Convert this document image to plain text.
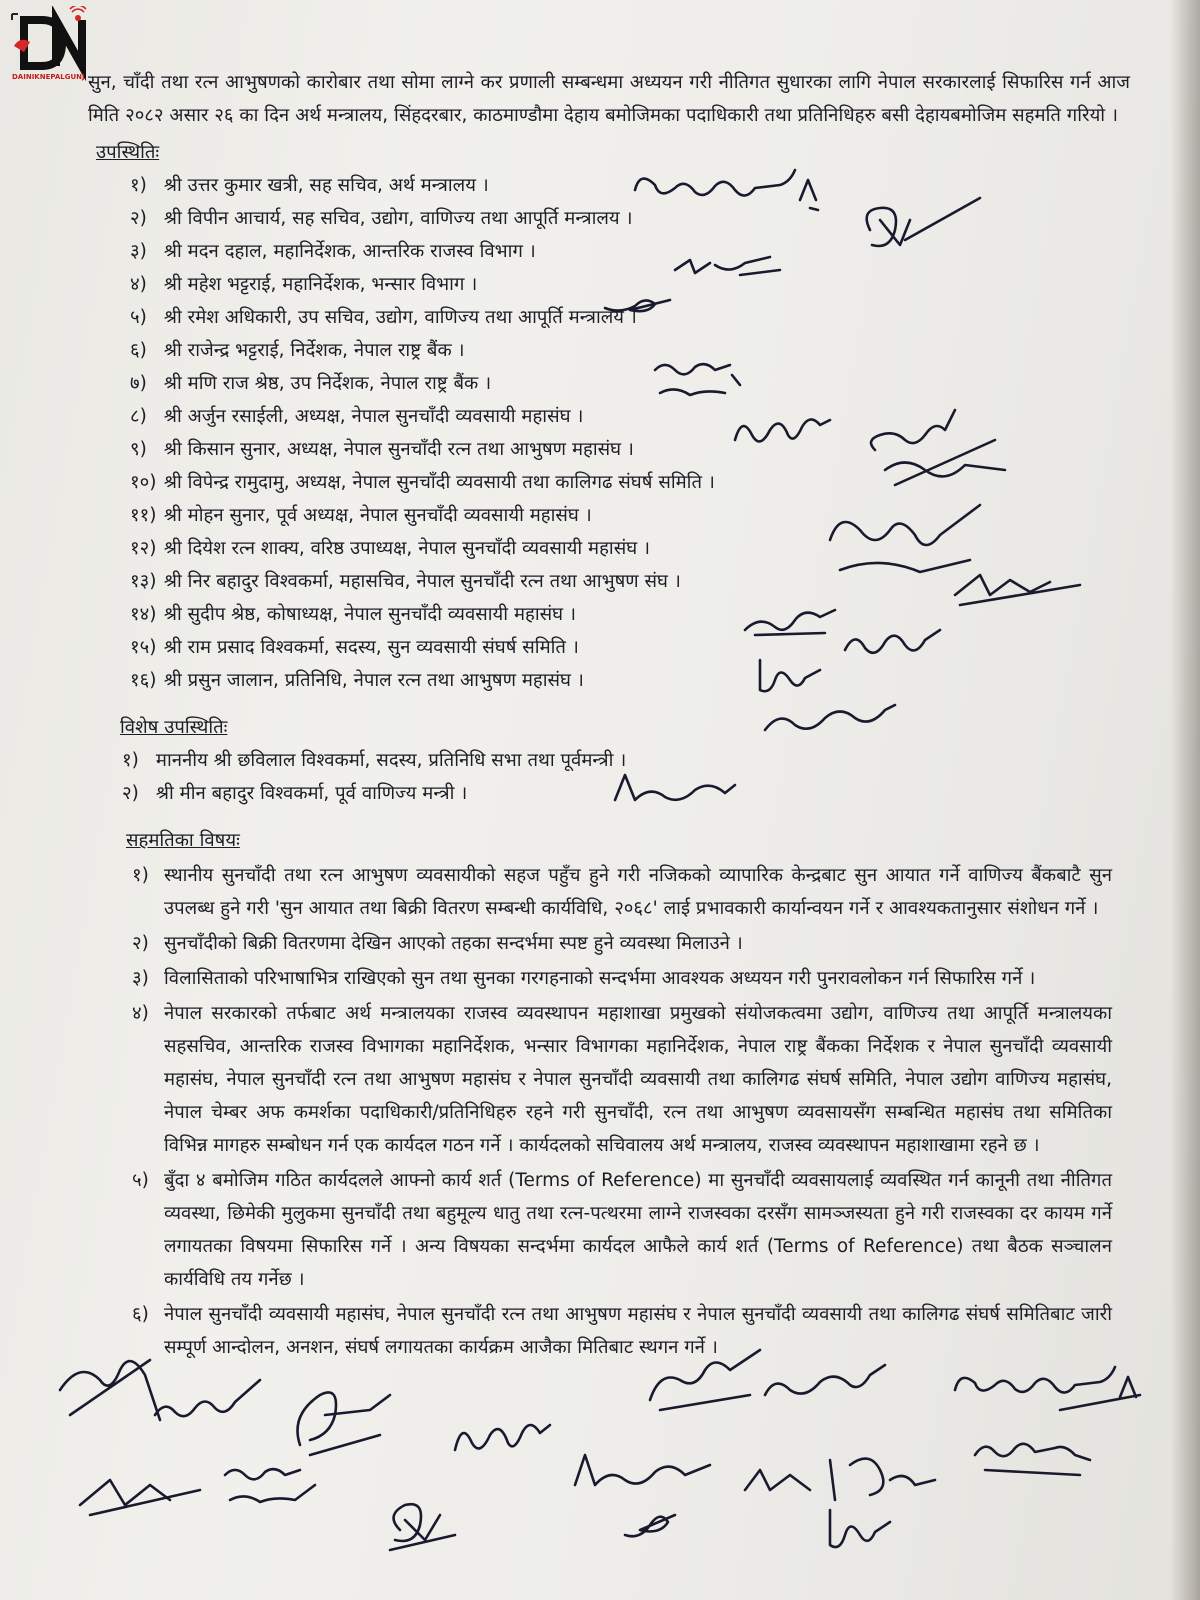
DAINIKNEPALGUNJ सुन, चाँदी तथा रत्न आभुषणको कारोबार तथा सोमा लाग्ने कर प्रणाली सम्बन्धमा अध्ययन गरी नीतिगत सुधारका लागि नेपाल सरकारलाई सिफारिस गर्न आज मिति २०८२ असार २६ का दिन अर्थ मन्त्रालय, सिंहदरबार, काठमाण्डौमा देहाय बमोजिमका पदाधिकारी तथा प्रतिनिधिहरु बसी देहायबमोजिम सहमति गरियो ।
उपस्थितिः
१) श्री उत्तर कुमार खत्री, सह सचिव, अर्थ मन्त्रालय ।
२) श्री विपीन आचार्य, सह सचिव, उद्योग, वाणिज्य तथा आपूर्ति मन्त्रालय ।
३) श्री मदन दहाल, महानिर्देशक, आन्तरिक राजस्व विभाग ।
४) श्री महेश भट्टराई, महानिर्देशक, भन्सार विभाग ।
५) श्री रमेश अधिकारी, उप सचिव, उद्योग, वाणिज्य तथा आपूर्ति मन्त्रालय ।
६) श्री राजेन्द्र भट्टराई, निर्देशक, नेपाल राष्ट्र बैंक ।
७) श्री मणि राज श्रेष्ठ, उप निर्देशक, नेपाल राष्ट्र बैंक ।
८) श्री अर्जुन रसाईली, अध्यक्ष, नेपाल सुनचाँदी व्यवसायी महासंघ ।
९) श्री किसान सुनार, अध्यक्ष, नेपाल सुनचाँदी रत्न तथा आभुषण महासंघ ।
१०) श्री विपेन्द्र रामुदामु, अध्यक्ष, नेपाल सुनचाँदी व्यवसायी तथा कालिगढ संघर्ष समिति ।
११) श्री मोहन सुनार, पूर्व अध्यक्ष, नेपाल सुनचाँदी व्यवसायी महासंघ ।
१२) श्री दियेश रत्न शाक्य, वरिष्ठ उपाध्यक्ष, नेपाल सुनचाँदी व्यवसायी महासंघ ।
१३) श्री निर बहादुर विश्वकर्मा, महासचिव, नेपाल सुनचाँदी रत्न तथा आभुषण संघ ।
१४) श्री सुदीप श्रेष्ठ, कोषाध्यक्ष, नेपाल सुनचाँदी व्यवसायी महासंघ ।
१५) श्री राम प्रसाद विश्वकर्मा, सदस्य, सुन व्यवसायी संघर्ष समिति ।
१६) श्री प्रसुन जालान, प्रतिनिधि, नेपाल रत्न तथा आभुषण महासंघ ।
विशेष उपस्थितिः
१) माननीय श्री छविलाल विश्वकर्मा, सदस्य, प्रतिनिधि सभा तथा पूर्वमन्त्री ।
२) श्री मीन बहादुर विश्वकर्मा, पूर्व वाणिज्य मन्त्री ।
सहमतिका विषयः
१) स्थानीय सुनचाँदी तथा रत्न आभुषण व्यवसायीको सहज पहुँच हुने गरी नजिकको व्यापारिक केन्द्रबाट सुन आयात गर्ने वाणिज्य बैंकबाटै सुन उपलब्ध हुने गरी 'सुन आयात तथा बिक्री वितरण सम्बन्धी कार्यविधि, २०६८' लाई प्रभावकारी कार्यान्वयन गर्ने र आवश्यकतानुसार संशोधन गर्ने ।
२) सुनचाँदीको बिक्री वितरणमा देखिन आएको तहका सन्दर्भमा स्पष्ट हुने व्यवस्था मिलाउने ।
३) विलासिताको परिभाषाभित्र राखिएको सुन तथा सुनका गरगहनाको सन्दर्भमा आवश्यक अध्ययन गरी पुनरावलोकन गर्न सिफारिस गर्ने ।
४) नेपाल सरकारको तर्फबाट अर्थ मन्त्रालयका राजस्व व्यवस्थापन महाशाखा प्रमुखको संयोजकत्वमा उद्योग, वाणिज्य तथा आपूर्ति मन्त्रालयका सहसचिव, आन्तरिक राजस्व विभागका महानिर्देशक, भन्सार विभागका महानिर्देशक, नेपाल राष्ट्र बैंकका निर्देशक र नेपाल सुनचाँदी व्यवसायी महासंघ, नेपाल सुनचाँदी रत्न तथा आभुषण महासंघ र नेपाल सुनचाँदी व्यवसायी तथा कालिगढ संघर्ष समिति, नेपाल उद्योग वाणिज्य महासंघ, नेपाल चेम्बर अफ कमर्शका पदाधिकारी/प्रतिनिधिहरु रहने गरी सुनचाँदी, रत्न तथा आभुषण व्यवसायसँग सम्बन्धित महासंघ तथा समितिका विभिन्न मागहरु सम्बोधन गर्न एक कार्यदल गठन गर्ने । कार्यदलको सचिवालय अर्थ मन्त्रालय, राजस्व व्यवस्थापन महाशाखामा रहने छ ।
५) बुँदा ४ बमोजिम गठित कार्यदलले आफ्नो कार्य शर्त (Terms of Reference) मा सुनचाँदी व्यवसायलाई व्यवस्थित गर्न कानूनी तथा नीतिगत व्यवस्था, छिमेकी मुलुकमा सुनचाँदी तथा बहुमूल्य धातु तथा रत्न-पत्थरमा लाग्ने राजस्वका दरसँग सामञ्जस्यता हुने गरी राजस्वका दर कायम गर्ने लगायतका विषयमा सिफारिस गर्ने । अन्य विषयका सन्दर्भमा कार्यदल आफैले कार्य शर्त (Terms of Reference) तथा बैठक सञ्चालन कार्यविधि तय गर्नेछ ।
६) नेपाल सुनचाँदी व्यवसायी महासंघ, नेपाल सुनचाँदी रत्न तथा आभुषण महासंघ र नेपाल सुनचाँदी व्यवसायी तथा कालिगढ संघर्ष समितिबाट जारी सम्पूर्ण आन्दोलन, अनशन, संघर्ष लगायतका कार्यक्रम आजैका मितिबाट स्थगन गर्ने ।
